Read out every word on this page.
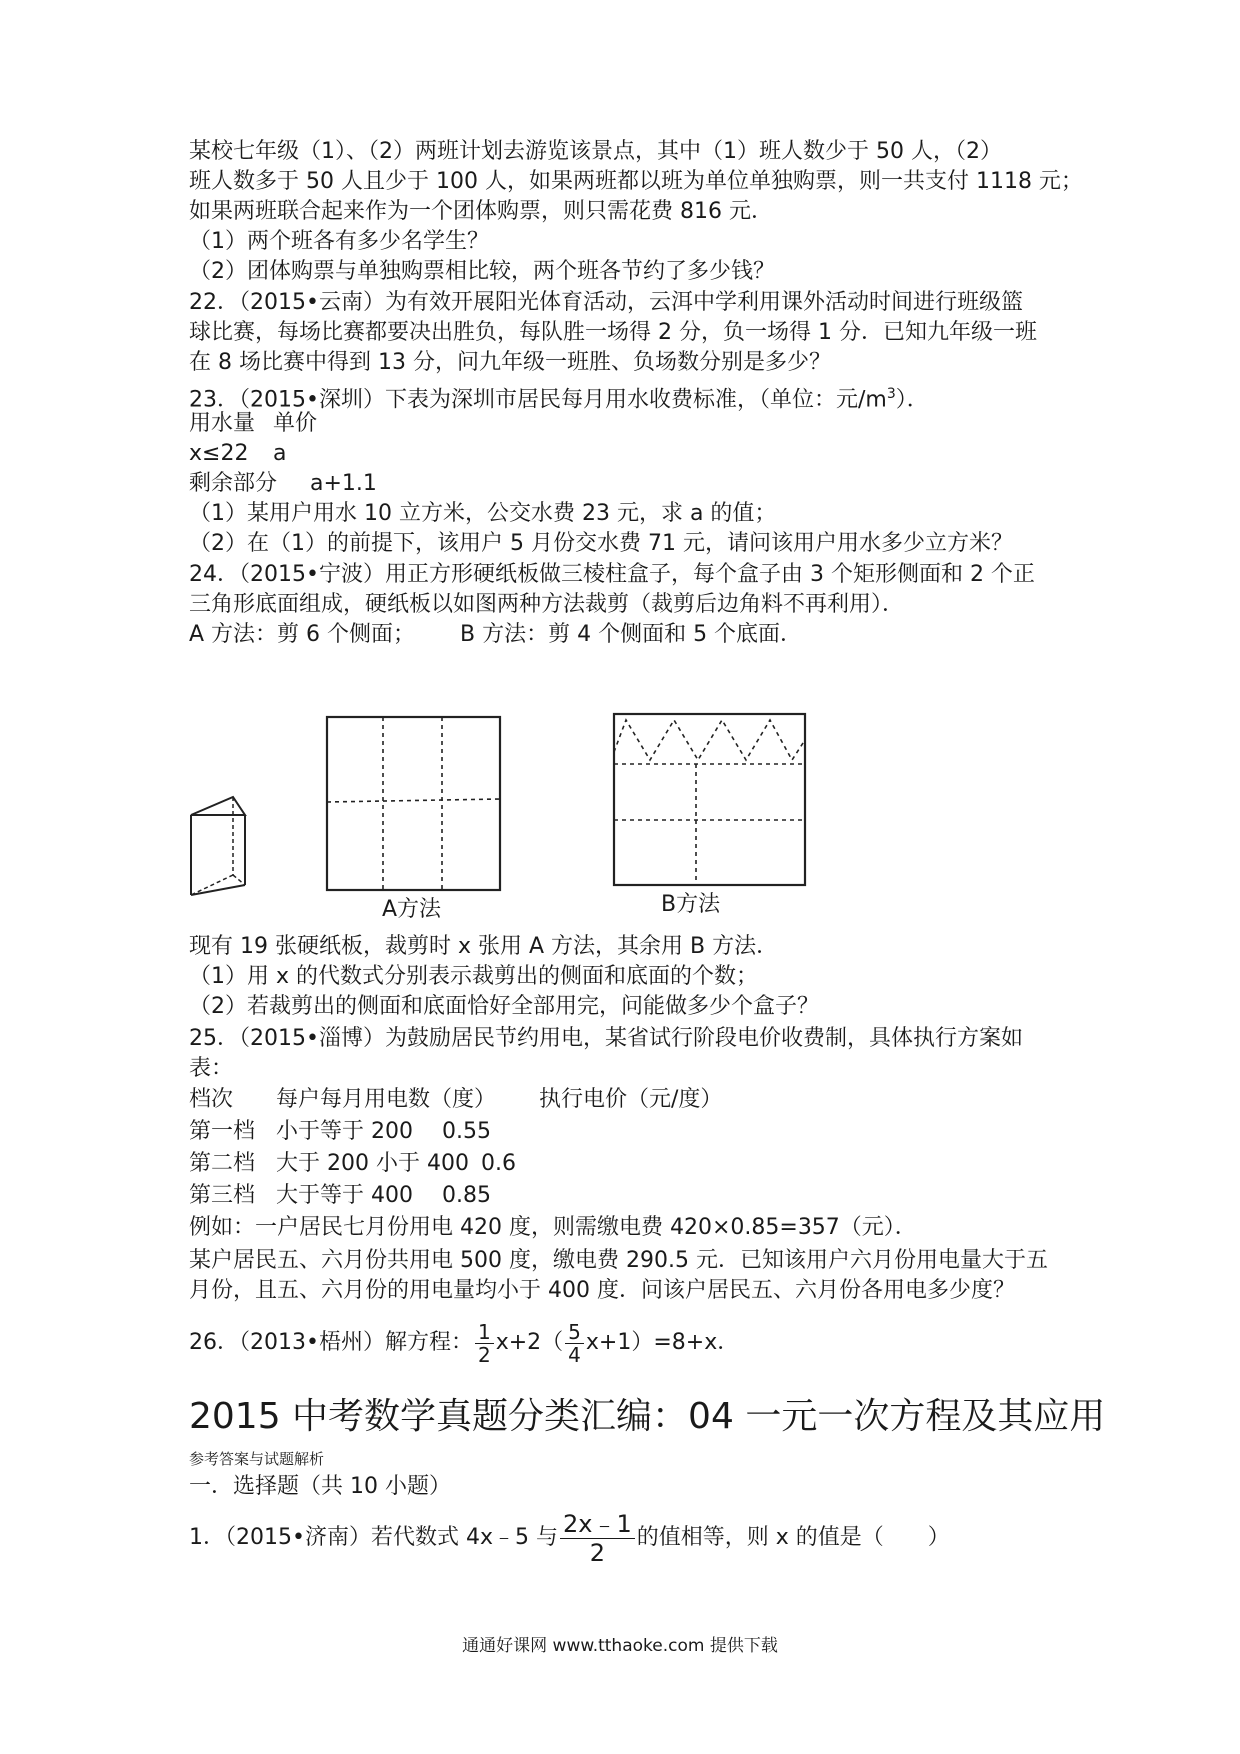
某校七年级（1）、（2）两班计划去游览该景点，其中（1）班人数少于 50 人，（2）
班人数多于 50 人且少于 100 人，如果两班都以班为单位单独购票，则一共支付 1118 元；
如果两班联合起来作为一个团体购票，则只需花费 816 元．
（1）两个班各有多少名学生？
（2）团体购票与单独购票相比较，两个班各节约了多少钱？
22．（2015•云南）为有效开展阳光体育活动，云洱中学利用课外活动时间进行班级篮
球比赛，每场比赛都要决出胜负，每队胜一场得 2 分，负一场得 1 分．已知九年级一班
在 8 场比赛中得到 13 分，问九年级一班胜、负场数分别是多少？
23．（2015•深圳）下表为深圳市居民每月用水收费标准，（单位：元$/m^3$）．
用水量 单价
x≤22 a
剩余部分 a+1.1
（1）某用户用水 10 立方米，公交水费 23 元，求 a 的值；
（2）在（1）的前提下，该用户 5 月份交水费 71 元，请问该用户用水多少立方米？
24．（2015•宁波）用正方形硬纸板做三棱柱盒子，每个盒子由 3 个矩形侧面和 2 个正
三角形底面组成，硬纸板以如图两种方法裁剪（裁剪后边角料不再利用）．
A 方法：剪 6 个侧面； B 方法：剪 4 个侧面和 5 个底面．
A方法	B方法
现有 19 张硬纸板，裁剪时 x 张用 A 方法，其余用 B 方法．
（1）用 x 的代数式分别表示裁剪出的侧面和底面的个数；
（2）若裁剪出的侧面和底面恰好全部用完，问能做多少个盒子？
25．（2015•淄博）为鼓励居民节约用电，某省试行阶段电价收费制，具体执行方案如
表：
档次 每户每月用电数（度） 执行电价（元/度）
第一档 小于等于 200 0.55
第二档 大于 200 小于 400 0.6
第三档 大于等于 400 0.85
例如：一户居民七月份用电 420 度，则需缴电费 420×0.85=357（元）．
某户居民五、六月份共用电 500 度，缴电费 290.5 元．已知该用户六月份用电量大于五
月份，且五、六月份的用电量均小于 400 度．问该户居民五、六月份各用电多少度？
26．（2013•梧州）解方程： $\frac{1}{2} x+2( \frac{5}{4} x+1)=8+x$．
2015 中考数学真题分类汇编：04 一元一次方程及其应用
参考答案与试题解析
一．选择题（共 10 小题）
1．（2015•济南）若代数式 4x﹣5 与 $\frac{2x﹣1}{2}$ 的值相等，则 x 的值是（　　）
通通好课网 www.tthaoke.com 提供下载
